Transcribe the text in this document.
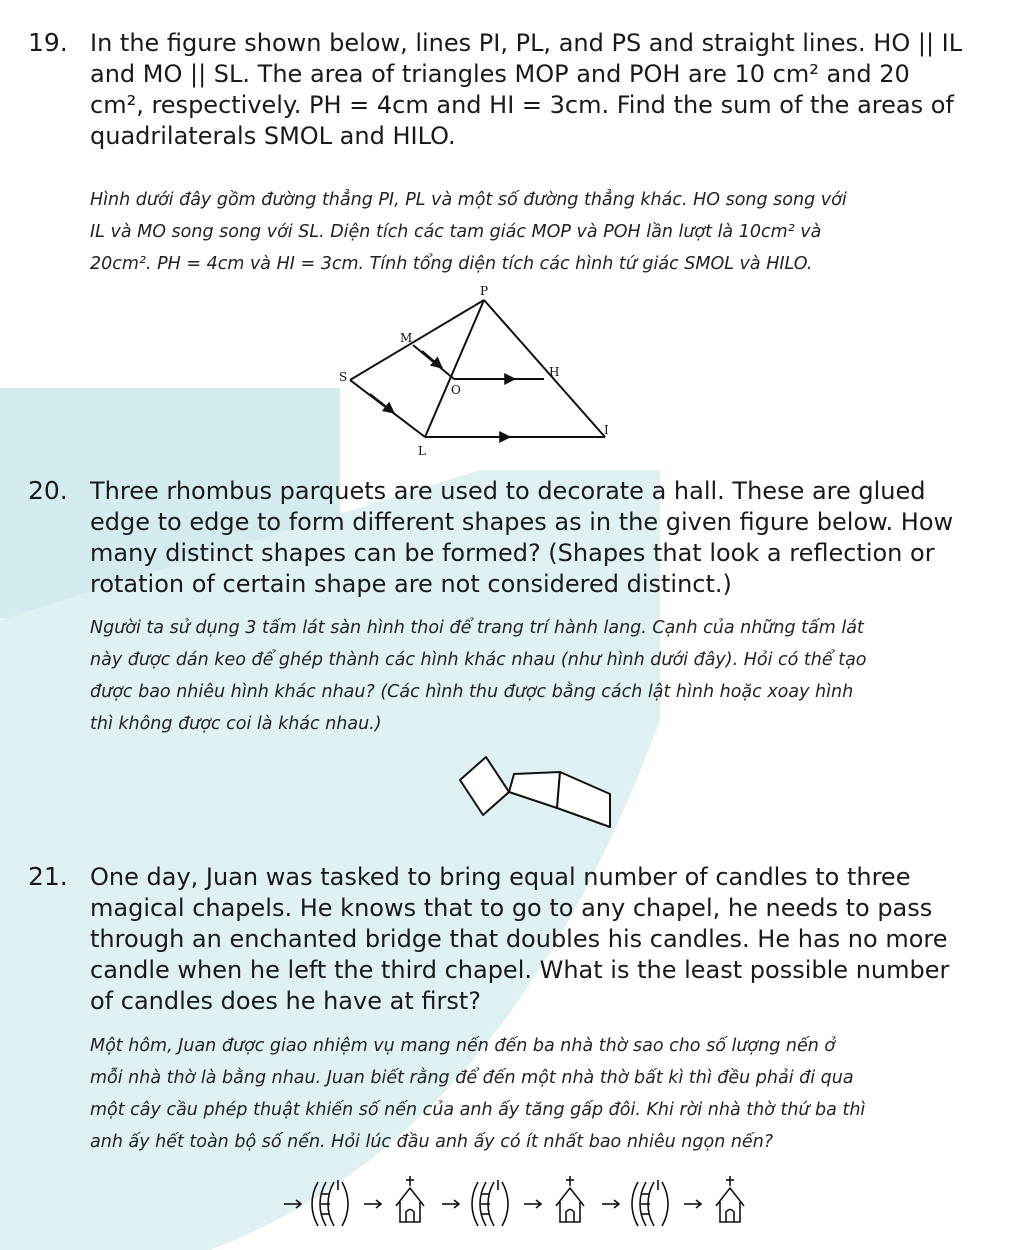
19. In the figure shown below, lines PI, PL, and PS and straight lines. HO || IL
and MO || SL. The area of triangles MOP and POH are 10 cm² and 20
cm², respectively. PH = 4cm and HI = 3cm. Find the sum of the areas of
quadrilaterals SMOL and HILO.
Hình dưới đây gồm đường thẳng PI, PL và một số đường thẳng khác. HO song song với
IL và MO song song với SL. Diện tích các tam giác MOP và POH lần lượt là 10cm² và
20cm². PH = 4cm và HI = 3cm. Tính tổng diện tích các hình tứ giác SMOL và HILO.
P
M
S
O
H
L
I
20. Three rhombus parquets are used to decorate a hall. These are glued
edge to edge to form different shapes as in the given figure below. How
many distinct shapes can be formed? (Shapes that look a reflection or
rotation of certain shape are not considered distinct.)
Người ta sử dụng 3 tấm lát sàn hình thoi để trang trí hành lang. Cạnh của những tấm lát
này được dán keo để ghép thành các hình khác nhau (như hình dưới đây). Hỏi có thể tạo
được bao nhiêu hình khác nhau? (Các hình thu được bằng cách lật hình hoặc xoay hình
thì không được coi là khác nhau.)
21. One day, Juan was tasked to bring equal number of candles to three
magical chapels. He knows that to go to any chapel, he needs to pass
through an enchanted bridge that doubles his candles. He has no more
candle when he left the third chapel. What is the least possible number
of candles does he have at first?
Một hôm, Juan được giao nhiệm vụ mang nến đến ba nhà thờ sao cho số lượng nến ở
mỗi nhà thờ là bằng nhau. Juan biết rằng để đến một nhà thờ bất kì thì đều phải đi qua
một cây cầu phép thuật khiến số nến của anh ấy tăng gấp đôi. Khi rời nhà thờ thứ ba thì
anh ấy hết toàn bộ số nến. Hỏi lúc đầu anh ấy có ít nhất bao nhiêu ngọn nến?
